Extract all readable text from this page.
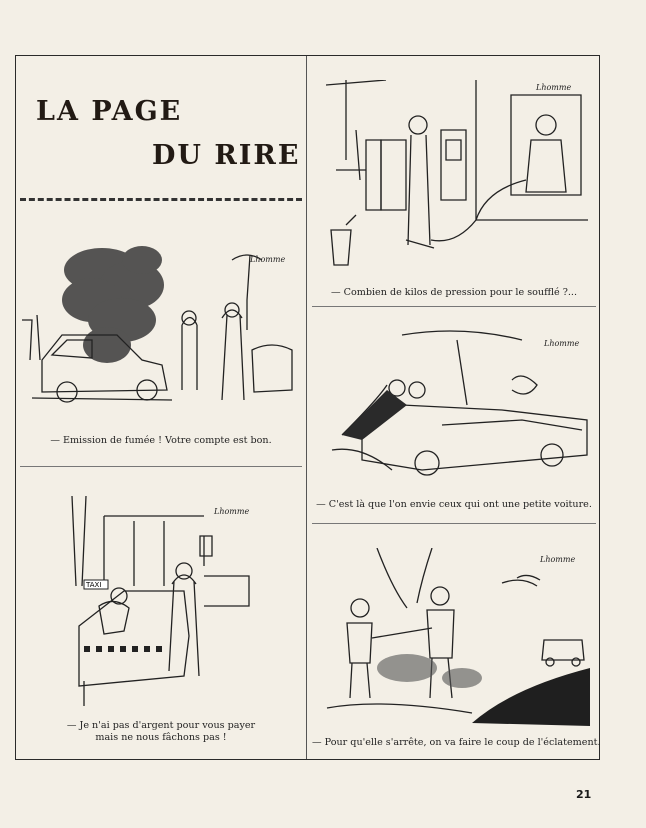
LA PAGE
DU RIRE
Lhomme
— Emission de fumée ! Votre compte est bon.
TAXI
Lhomme
— Je n'ai pas d'argent pour vous payer
mais ne nous fâchons pas !
Lhomme
— Combien de kilos de pression pour le soufflé ?...
Lhomme
— C'est là que l'on envie ceux qui ont une petite voiture.
Lhomme
— Pour qu'elle s'arrête, on va faire le coup de l'éclatement.
21
